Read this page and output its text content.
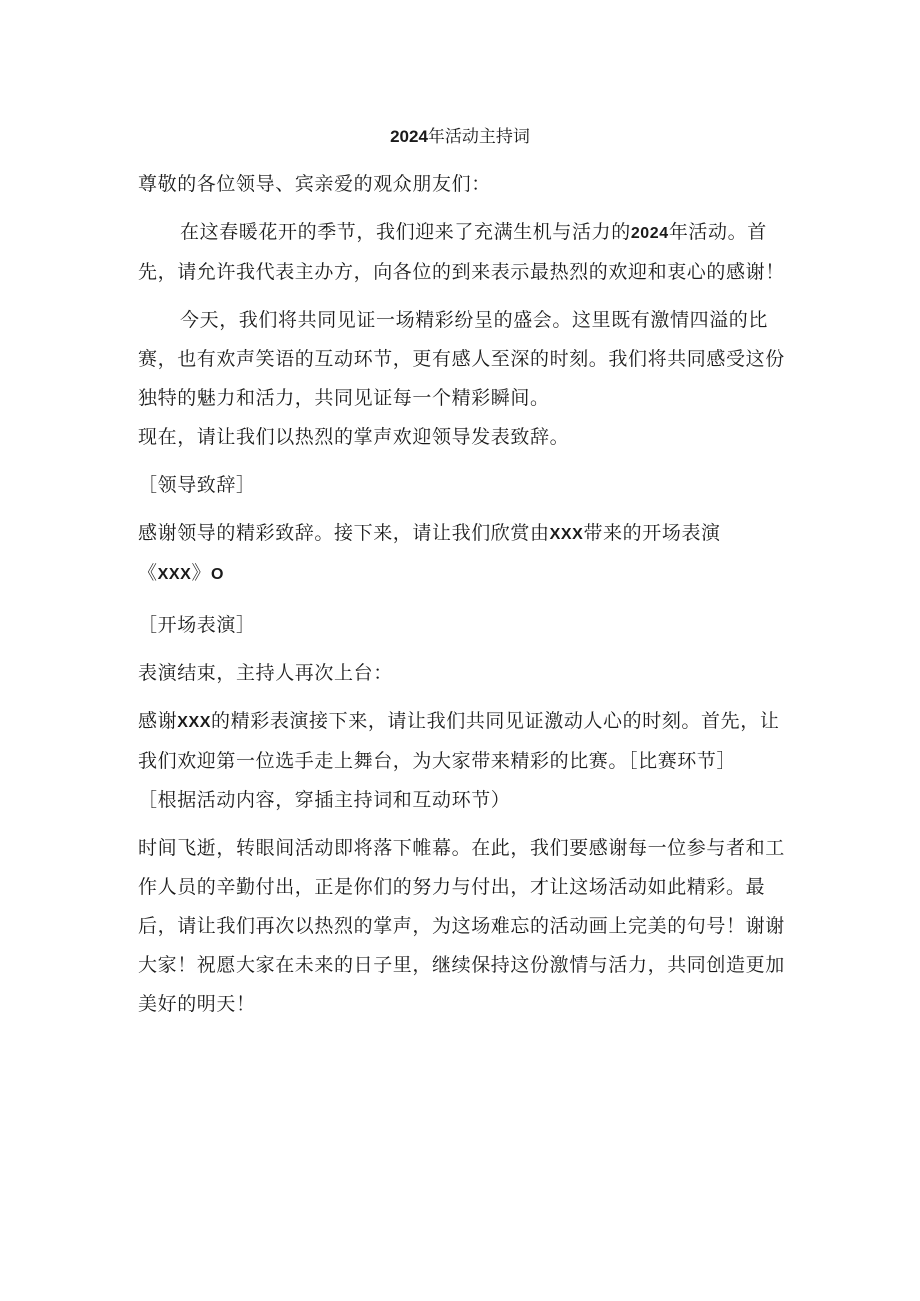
2024年活动主持词

尊敬的各位领导、宾亲爱的观众朋友们：

在这春暖花开的季节，我们迎来了充满生机与活力的2024年活动。首先，请允许我代表主办方，向各位的到来表示最热烈的欢迎和衷心的感谢！

今天，我们将共同见证一场精彩纷呈的盛会。这里既有激情四溢的比赛，也有欢声笑语的互动环节，更有感人至深的时刻。我们将共同感受这份独特的魅力和活力，共同见证每一个精彩瞬间。

现在，请让我们以热烈的掌声欢迎领导发表致辞。

［领导致辞］

感谢领导的精彩致辞。接下来，请让我们欣赏由XXX带来的开场表演

《XXX》O

［开场表演］

表演结束，主持人再次上台：

感谢XXX的精彩表演接下来，请让我们共同见证激动人心的时刻。首先，让我们欢迎第一位选手走上舞台，为大家带来精彩的比赛。［比赛环节］

［根据活动内容，穿插主持词和互动环节）

时间飞逝，转眼间活动即将落下帷幕。在此，我们要感谢每一位参与者和工作人员的辛勤付出，正是你们的努力与付出，才让这场活动如此精彩。最后，请让我们再次以热烈的掌声，为这场难忘的活动画上完美的句号！谢谢大家！祝愿大家在未来的日子里，继续保持这份激情与活力，共同创造更加美好的明天！
